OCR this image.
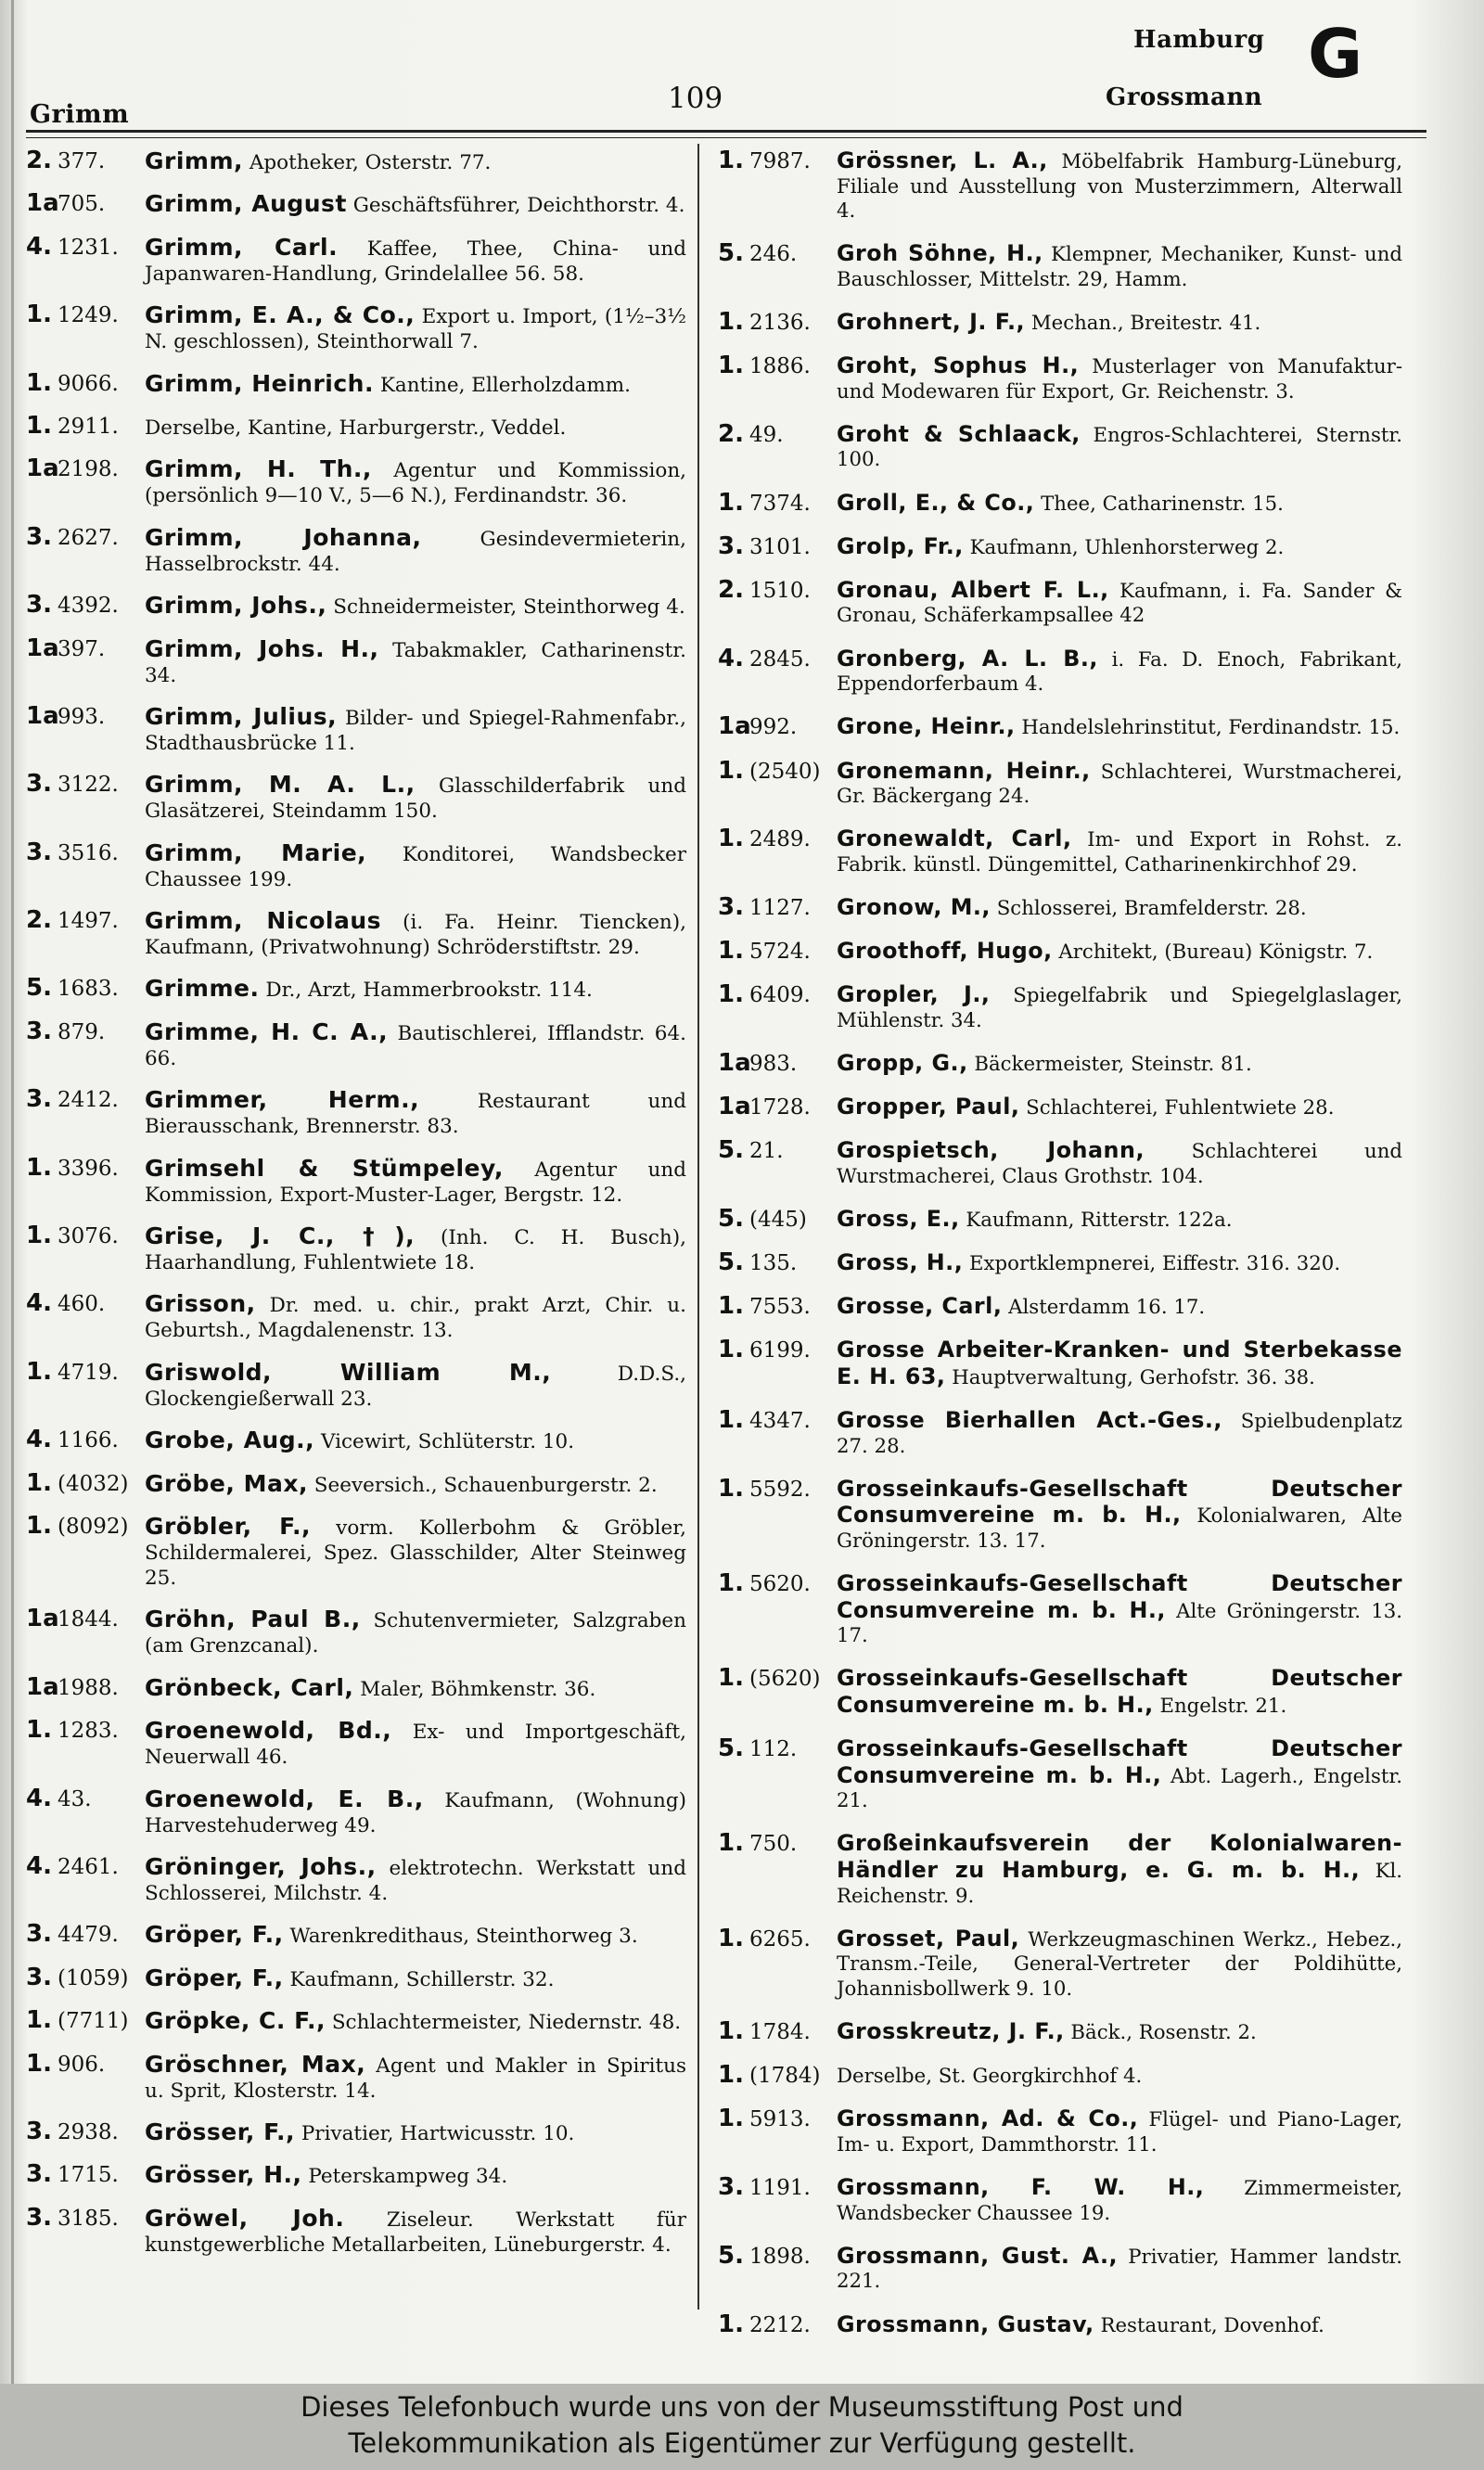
Grimm	109
Hamburg G
Grossmann
2. 377.	Grimm, Apotheker, Osterstr. 77.
1a705.	Grimm, August Geschäftsführer, Deichthorstr. 4.
4. 1231.	Grimm, Carl. Kaffee, Thee, China- und Japanwaren-Handlung, Grindelallee 56. 58.
1. 1249.	Grimm, E. A., & Co., Export u. Import, (1½–3½ N. geschlossen), Steinthorwall 7.
1. 9066.	Grimm, Heinrich. Kantine, Ellerholzdamm.
1. 2911.	Derselbe, Kantine, Harburgerstr., Veddel.
1a2198.	Grimm, H. Th., Agentur und Kommission, (persönlich 9—10 V., 5—6 N.), Ferdinandstr. 36.
3. 2627.	Grimm, Johanna,	Gesindevermieterin, Hasselbrockstr. 44.
3. 4392.	Grimm, Johs., Schneidermeister, Steinthorweg 4.
1a397.	Grimm, Johs. H., Tabakmakler, Catharinenstr. 34.
1a993.	Grimm, Julius, Bilder- und Spiegel-Rahmenfabr., Stadthausbrücke 11.
3. 3122.	Grimm, M. A. L., Glasschilderfabrik und Glasätzerei, Steindamm 150.
3. 3516.	Grimm, Marie, Konditorei, Wandsbecker Chaussee 199.
2. 1497.	Grimm, Nicolaus (i. Fa. Heinr. Tiencken), Kaufmann, (Privatwohnung) Schröderstiftstr. 29.
5. 1683.	Grimme. Dr., Arzt, Hammerbrookstr. 114.
3. 879.	Grimme, H. C. A., Bautischlerei, Ifflandstr. 64. 66.
3. 2412.	Grimmer, Herm.,	Restaurant und Bierausschank, Brennerstr. 83.
1. 3396.	Grimsehl & Stümpeley, Agentur und Kommission, Export-Muster-Lager, Bergstr. 12.
1. 3076.	Grise, J. C., †), (Inh. C. H. Busch), Haarhandlung, Fuhlentwiete 18.
4. 460.	Grisson, Dr. med. u. chir., prakt Arzt, Chir. u. Geburtsh., Magdalenenstr. 13.
1. 4719.	Griswold, William M.,	D.D.S., Glockengießerwall 23.
4. 1166.	Grobe, Aug., Vicewirt, Schlüterstr. 10.
1. (4032) Gröbe, Max, Seeversich., Schauenburgerstr. 2.
1. (8092) Gröbler, F., vorm. Kollerbohm & Gröbler, Schildermalerei, Spez. Glasschilder, Alter Steinweg 25.
1a1844.	Gröhn, Paul B., Schutenvermieter, Salzgraben (am Grenzcanal).
1a1988.	Grönbeck, Carl, Maler, Böhmkenstr. 36.
1. 1283.	Groenewold, Bd., Ex- und Importgeschäft, Neuerwall 46.
4. 43.	Groenewold, E. B., Kaufmann, (Wohnung) Harvestehuderweg 49.
4. 2461.	Gröninger, Johs., elektrotechn. Werkstatt und Schlosserei, Milchstr. 4.
3. 4479.	Gröper, F., Warenkredithaus, Steinthorweg 3.
3. (1059) Gröper, F., Kaufmann, Schillerstr. 32.
1. (7711) Gröpke, C. F., Schlachtermeister, Niedernstr. 48.
1. 906.	Gröschner, Max, Agent und Makler in Spiritus u. Sprit, Klosterstr. 14.
3. 2938.	Grösser, F., Privatier, Hartwicusstr. 10.
3. 1715.	Grösser, H., Peterskampweg 34.
3. 3185.	Gröwel, Joh. Ziseleur. Werkstatt für kunstgewerbliche Metallarbeiten, Lüneburgerstr. 4.
1. 7987.	Grössner, L. A., Möbelfabrik Hamburg-Lüneburg, Filiale und Ausstellung von Musterzimmern, Alterwall 4.
5. 246.	Groh Söhne, H., Klempner, Mechaniker, Kunst- und Bauschlosser, Mittelstr. 29, Hamm.
1. 2136.	Grohnert, J. F., Mechan., Breitestr. 41.
1. 1886.	Groht, Sophus H., Musterlager von Manufaktur- und Modewaren für Export, Gr. Reichenstr. 3.
2. 49.	Groht & Schlaack, Engros-Schlachterei, Sternstr. 100.
1. 7374.	Groll, E., & Co., Thee, Catharinenstr. 15.
3. 3101.	Grolp, Fr., Kaufmann, Uhlenhorsterweg 2.
2. 1510.	Gronau, Albert F. L., Kaufmann, i. Fa. Sander & Gronau, Schäferkampsallee 42
4. 2845.	Gronberg, A. L. B., i. Fa. D. Enoch, Fabrikant, Eppendorferbaum 4.
1a992.	Grone, Heinr., Handelslehrinstitut, Ferdinandstr. 15.
1. (2540) Gronemann, Heinr., Schlachterei, Wurstmacherei, Gr. Bäckergang 24.
1. 2489.	Gronewaldt, Carl, Im- und Export in Rohst. z. Fabrik. künstl. Düngemittel, Catharinenkirchhof 29.
3. 1127.	Gronow, M., Schlosserei, Bramfelderstr. 28.
1. 5724.	Groothoff, Hugo, Architekt, (Bureau) Königstr. 7.
1. 6409.	Gropler, J., Spiegelfabrik und Spiegelglaslager, Mühlenstr. 34.
1a983.	Gropp, G., Bäckermeister, Steinstr. 81.
1a1728.	Gropper, Paul, Schlachterei, Fuhlentwiete 28.
5. 21.	Grospietsch, Johann, Schlachterei und Wurstmacherei, Claus Grothstr. 104.
5. (445)	Gross, E., Kaufmann, Ritterstr. 122a.
5. 135.	Gross, H., Exportklempnerei, Eiffestr. 316. 320.
1. 7553.	Grosse, Carl, Alsterdamm 16. 17.
1. 6199.	Grosse Arbeiter-Kranken- und Sterbekasse E. H. 63, Hauptverwaltung, Gerhofstr. 36. 38.
1. 4347.	Grosse Bierhallen Act.-Ges., Spielbudenplatz 27. 28.
1. 5592.	Grosseinkaufs-Gesellschaft Deutscher Consumvereine m. b. H., Kolonialwaren, Alte Gröningerstr. 13. 17.
1. 5620.	Grosseinkaufs-Gesellschaft Deutscher Consumvereine m. b. H., Alte Gröningerstr. 13. 17.
1. (5620) Grosseinkaufs-Gesellschaft Deutscher Consumvereine m. b. H., Engelstr. 21.
5. 112.	Grosseinkaufs-Gesellschaft Deutscher Consumvereine m. b. H., Abt. Lagerh., Engelstr. 21.
1. 750.	Großeinkaufsverein der Kolonialwaren-Händler zu Hamburg, e. G. m. b. H., Kl. Reichenstr. 9.
1. 6265.	Grosset, Paul, Werkzeugmaschinen Werkz., Hebez., Transm.-Teile, General-Vertreter der Poldihütte, Johannisbollwerk 9. 10.
1. 1784.	Grosskreutz, J. F., Bäck., Rosenstr. 2.
1. (1784) Derselbe, St. Georgkirchhof 4.
1. 5913.	Grossmann, Ad. & Co., Flügel- und Piano-Lager, Im- u. Export, Dammthorstr. 11.
3. 1191.	Grossmann, F. W. H., Zimmermeister, Wandsbecker Chaussee 19.
5. 1898.	Grossmann, Gust. A., Privatier, Hammer landstr. 221.
1. 2212.	Grossmann, Gustav, Restaurant, Dovenhof.
Dieses Telefonbuch wurde uns von der Museumsstiftung Post und
Telekommunikation als Eigentümer zur Verfügung gestellt.
